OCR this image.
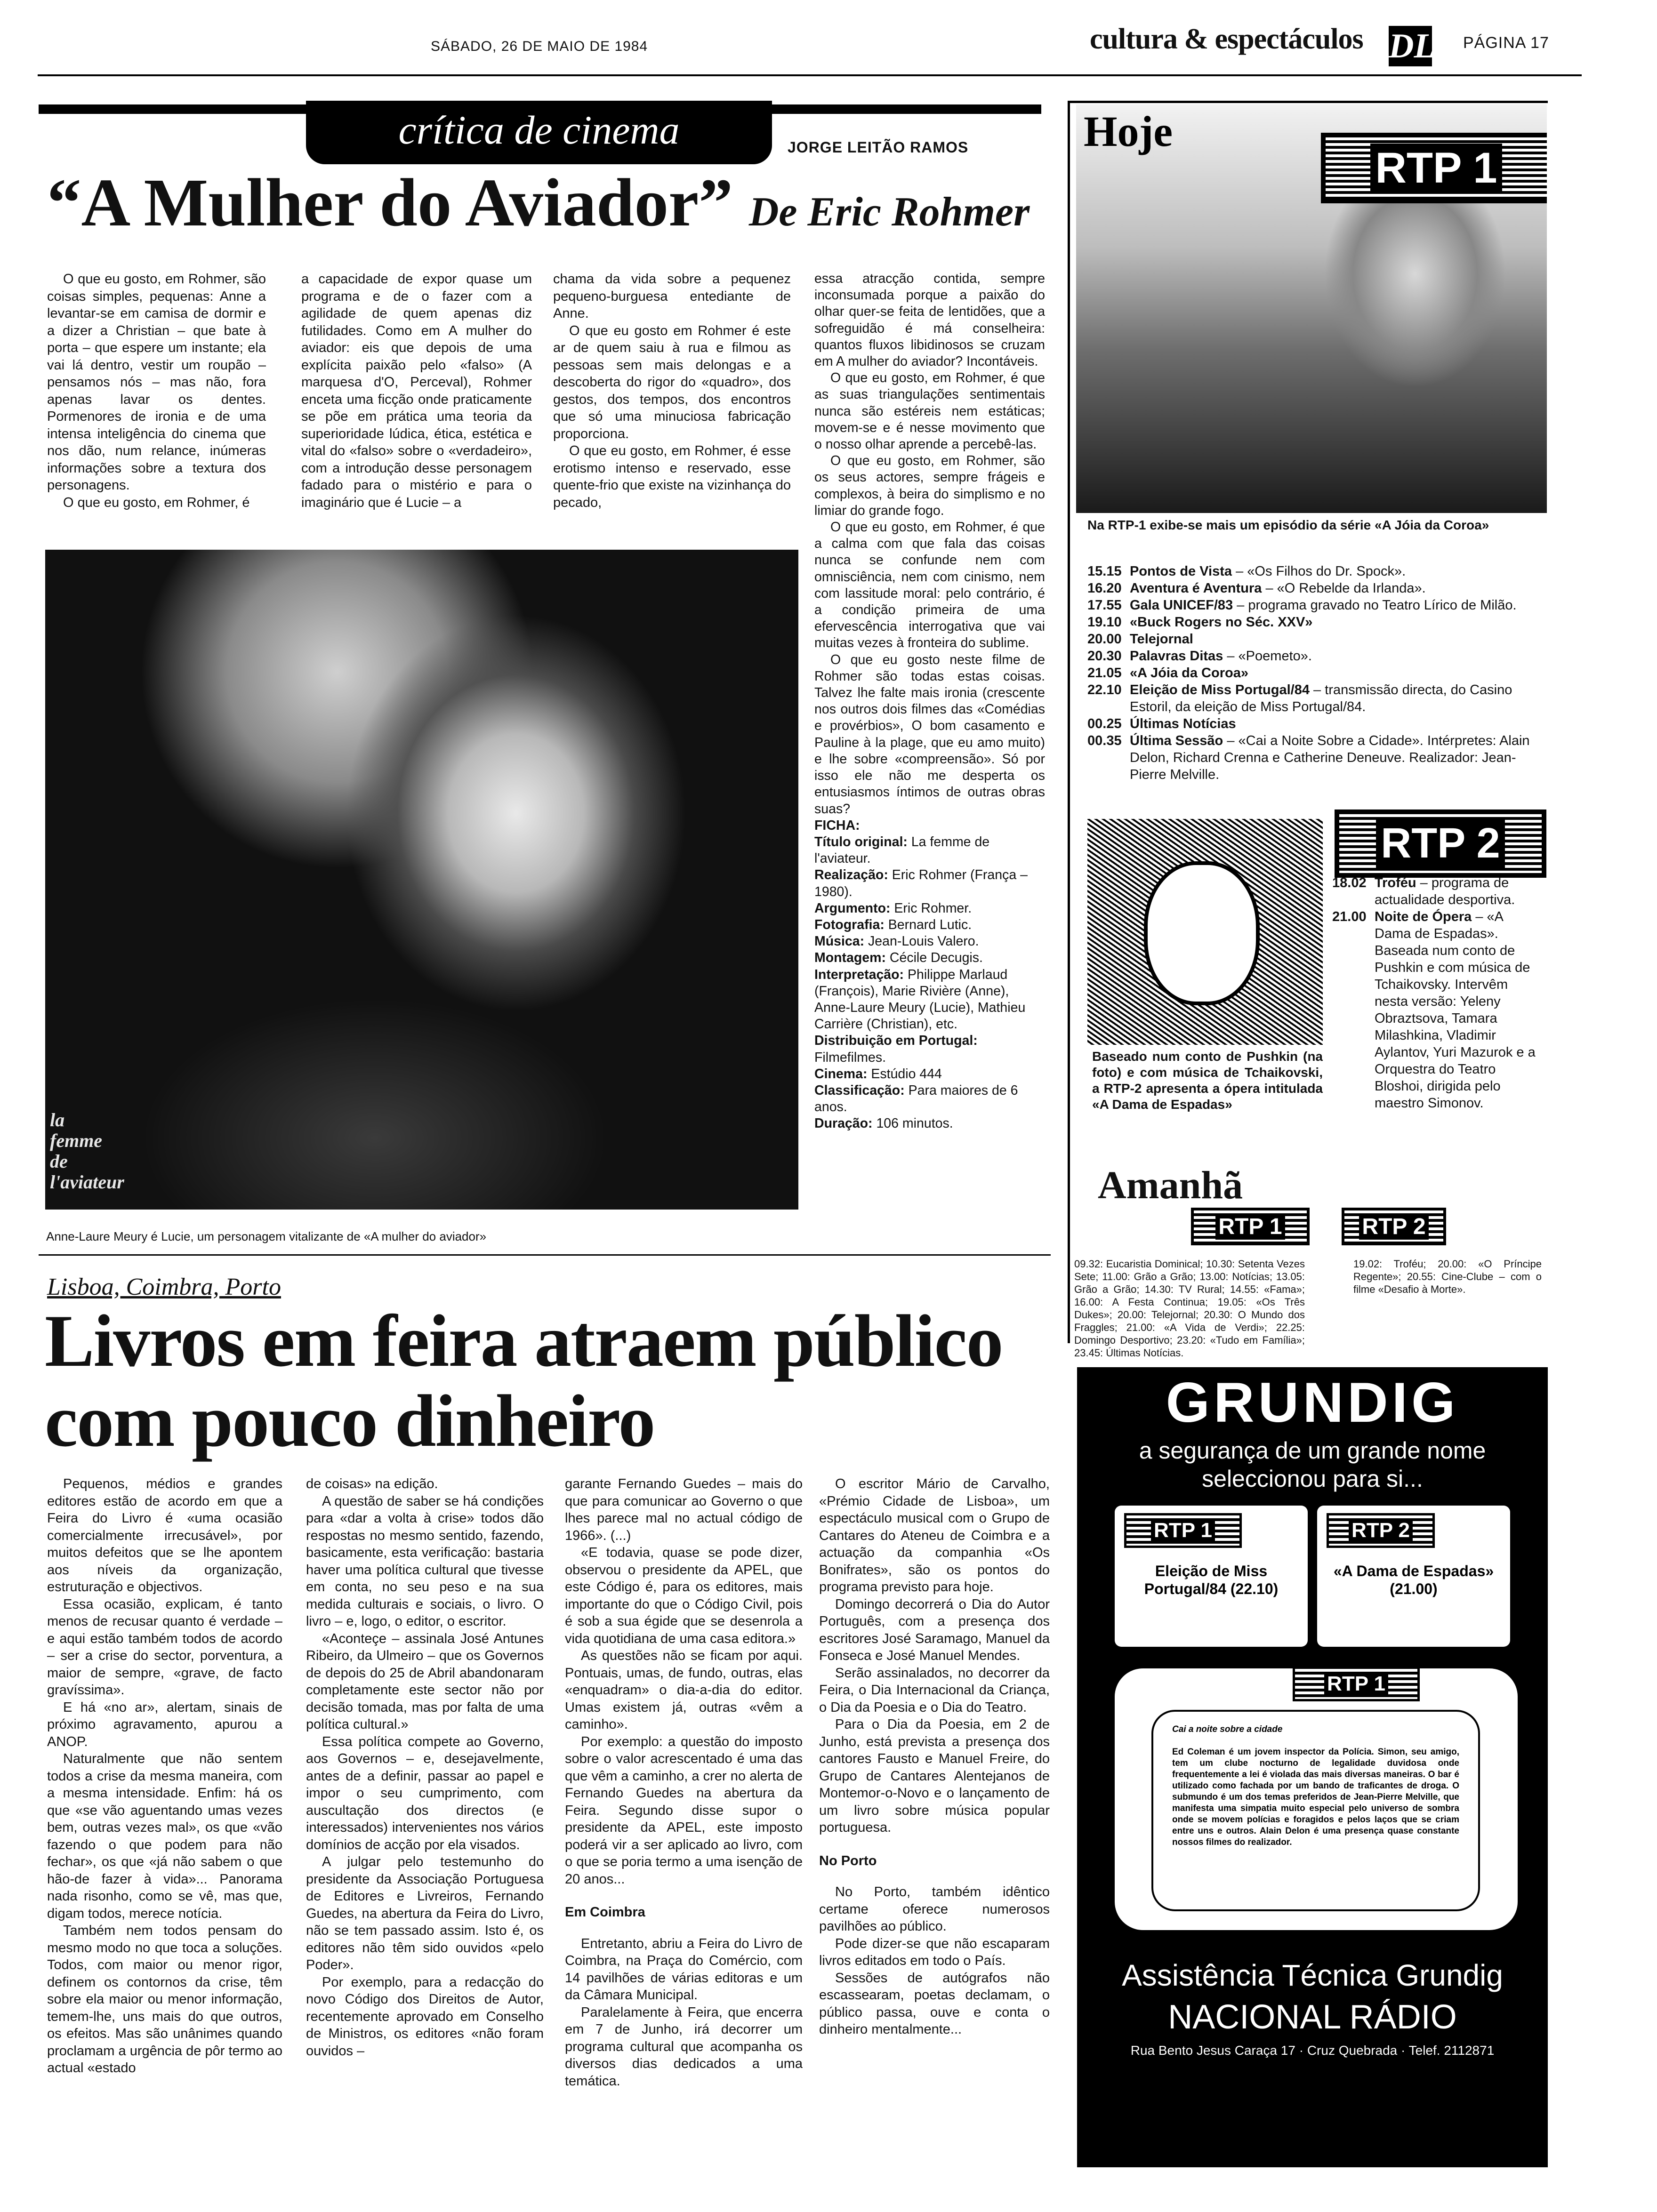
SÁBADO, 26 DE MAIO DE 1984	cultura & espectáculos DL PÁGINA 17
crítica de cinema	JORGE LEITÃO RAMOS
“A Mulher do Aviador” De Eric Rohmer

O que eu gosto, em Rohmer, são coisas simples, pequenas: Anne a levantar-se em camisa de dormir e a dizer a Christian – que bate à porta – que espere um instante; ela vai lá dentro, vestir um roupão – pensamos nós – mas não, fora apenas lavar os dentes. Pormenores de ironia e de uma intensa inteligência do cinema que nos dão, num relance, inúmeras informações sobre a textura dos personagens.

O que eu gosto, em Rohmer, é

a capacidade de expor quase um programa e de o fazer com a agilidade de quem apenas diz futilidades. Como em A mulher do aviador: eis que depois de uma explícita paixão pelo «falso» (A marquesa d'O, Perceval), Rohmer enceta uma ficção onde praticamente se põe em prática uma teoria da superioridade lúdica, ética, estética e vital do «falso» sobre o «verdadeiro», com a introdução desse personagem fadado para o mistério e para o imaginário que é Lucie – a

chama da vida sobre a pequenez pequeno-burguesa entediante de Anne.

O que eu gosto em Rohmer é este ar de quem saiu à rua e filmou as pessoas sem mais delongas e a descoberta do rigor do «quadro», dos gestos, dos tempos, dos encontros que só uma minuciosa fabricação proporciona.

O que eu gosto, em Rohmer, é esse erotismo intenso e reservado, esse quente-frio que existe na vizinhança do pecado,

essa atracção contida, sempre inconsumada porque a paixão do olhar quer-se feita de lentidões, que a sofreguidão é má conselheira: quantos fluxos libidinosos se cruzam em A mulher do aviador? Incontáveis.

O que eu gosto, em Rohmer, é que as suas triangulações sentimentais nunca são estéreis nem estáticas; movem-se e é nesse movimento que o nosso olhar aprende a percebê-las.

O que eu gosto, em Rohmer, são os seus actores, sempre frágeis e complexos, à beira do simplismo e no limiar do grande fogo.

O que eu gosto, em Rohmer, é que a calma com que fala das coisas nunca se confunde nem com omnisciência, nem com cinismo, nem com lassitude moral: pelo contrário, é a condição primeira de uma efervescência interrogativa que vai muitas vezes à fronteira do sublime.

O que eu gosto neste filme de Rohmer são todas estas coisas. Talvez lhe falte mais ironia (crescente nos outros dois filmes das «Comédias e provérbios», O bom casamento e Pauline à la plage, que eu amo muito) e lhe sobre «compreensão». Só por isso ele não me desperta os entusiasmos íntimos de outras obras suas?

FICHA:
Título original: La femme de l'aviateur.
Realização: Eric Rohmer (França – 1980).
Argumento: Eric Rohmer.
Fotografia: Bernard Lutic.
Música: Jean-Louis Valero.
Montagem: Cécile Decugis.
Interpretação: Philippe Marlaud (François), Marie Rivière (Anne), Anne-Laure Meury (Lucie), Mathieu Carrière (Christian), etc.
Distribuição em Portugal: Filmefilmes.
Cinema: Estúdio 444
Classificação: Para maiores de 6 anos.
Duração: 106 minutos.
la
femme
de
l'aviateur
Anne-Laure Meury é Lucie, um personagem vitalizante de «A mulher do aviador»
Lisboa, Coimbra, Porto
Livros em feira atraem público
com pouco dinheiro

Pequenos, médios e grandes editores estão de acordo em que a Feira do Livro é «uma ocasião comercialmente irrecusável», por muitos defeitos que se lhe apontem aos níveis da organização, estruturação e objectivos.

Essa ocasião, explicam, é tanto menos de recusar quanto é verdade – e aqui estão também todos de acordo – ser a crise do sector, porventura, a maior de sempre, «grave, de facto gravíssima».

E há «no ar», alertam, sinais de próximo agravamento, apurou a ANOP.

Naturalmente que não sentem todos a crise da mesma maneira, com a mesma intensidade. Enfim: há os que «se vão aguentando umas vezes bem, outras vezes mal», os que «vão fazendo o que podem para não fechar», os que «já não sabem o que hão-de fazer à vida»... Panorama nada risonho, como se vê, mas que, digam todos, merece notícia.

Também nem todos pensam do mesmo modo no que toca a soluções. Todos, com maior ou menor rigor, definem os contornos da crise, têm sobre ela maior ou menor informação, temem-lhe, uns mais do que outros, os efeitos. Mas são unânimes quando proclamam a urgência de pôr termo ao actual «estado

de coisas» na edição.

A questão de saber se há condições para «dar a volta à crise» todos dão respostas no mesmo sentido, fazendo, basicamente, esta verificação: bastaria haver uma política cultural que tivesse em conta, no seu peso e na sua medida culturais e sociais, o livro. O livro – e, logo, o editor, o escritor.

«Aconteçe – assinala José Antunes Ribeiro, da Ulmeiro – que os Governos de depois do 25 de Abril abandonaram completamente este sector não por decisão tomada, mas por falta de uma política cultural.»

Essa política compete ao Governo, aos Governos – e, desejavelmente, antes de a definir, passar ao papel e impor o seu cumprimento, com auscultação dos directos (e interessados) intervenientes nos vários domínios de acção por ela visados.

A julgar pelo testemunho do presidente da Associação Portuguesa de Editores e Livreiros, Fernando Guedes, na abertura da Feira do Livro, não se tem passado assim. Isto é, os editores não têm sido ouvidos «pelo Poder».

Por exemplo, para a redacção do novo Código dos Direitos de Autor, recentemente aprovado em Conselho de Ministros, os editores «não foram ouvidos –

garante Fernando Guedes – mais do que para comunicar ao Governo o que lhes parece mal no actual código de 1966». (...)

«E todavia, quase se pode dizer, observou o presidente da APEL, que este Código é, para os editores, mais importante do que o Código Civil, pois é sob a sua égide que se desenrola a vida quotidiana de uma casa editora.»

As questões não se ficam por aqui. Pontuais, umas, de fundo, outras, elas «enquadram» o dia-a-dia do editor. Umas existem já, outras «vêm a caminho».

Por exemplo: a questão do imposto sobre o valor acrescentado é uma das que vêm a caminho, a crer no alerta de Fernando Guedes na abertura da Feira. Segundo disse supor o presidente da APEL, este imposto poderá vir a ser aplicado ao livro, com o que se poria termo a uma isenção de 20 anos...

Em Coimbra

Entretanto, abriu a Feira do Livro de Coimbra, na Praça do Comércio, com 14 pavilhões de várias editoras e um da Câmara Municipal.

Paralelamente à Feira, que encerra em 7 de Junho, irá decorrer um programa cultural que acompanha os diversos dias dedicados a uma temática.

O escritor Mário de Carvalho, «Prémio Cidade de Lisboa», um espectáculo musical com o Grupo de Cantares do Ateneu de Coimbra e a actuação da companhia «Os Bonifrates», são os pontos do programa previsto para hoje.

Domingo decorrerá o Dia do Autor Português, com a presença dos escritores José Saramago, Manuel da Fonseca e José Manuel Mendes.

Serão assinalados, no decorrer da Feira, o Dia Internacional da Criança, o Dia da Poesia e o Dia do Teatro.

Para o Dia da Poesia, em 2 de Junho, está prevista a presença dos cantores Fausto e Manuel Freire, do Grupo de Cantares Alentejanos de Montemor-o-Novo e o lançamento de um livro sobre música popular portuguesa.

No Porto

No Porto, também idêntico certame oferece numerosos pavilhões ao público.

Pode dizer-se que não escaparam livros editados em todo o País.

Sessões de autógrafos não escassearam, poetas declamam, o público passa, ouve e conta o dinheiro mentalmente...

Hoje
RTP 1
Na RTP-1 exibe-se mais um episódio da série «A Jóia da Coroa»
15.15 Pontos de Vista – «Os Filhos do Dr. Spock».
16.20 Aventura é Aventura – «O Rebelde da Irlanda».
17.55 Gala UNICEF/83 – programa gravado no Teatro Lírico de Milão.
19.10 «Buck Rogers no Séc. XXV»
20.00 Telejornal
20.30 Palavras Ditas – «Poemeto».
21.05 «A Jóia da Coroa»
22.10 Eleição de Miss Portugal/84 – transmissão directa, do Casino Estoril, da eleição de Miss Portugal/84.
00.25 Últimas Notícias
00.35 Última Sessão – «Cai a Noite Sobre a Cidade». Intérpretes: Alain Delon, Richard Crenna e Catherine Deneuve. Realizador: Jean-Pierre Melville.
RTP 2
Baseado num conto de Pushkin (na foto) e com música de Tchaikovski, a RTP-2 apresenta a ópera intitulada «A Dama de Espadas»
18.02 Troféu – programa de actualidade desportiva.
21.00 Noite de Ópera – «A Dama de Espadas». Baseada num conto de Pushkin e com música de Tchaikovsky. Intervêm nesta versão: Yeleny Obraztsova, Tamara Milashkina, Vladimir Aylantov, Yuri Mazurok e a Orquestra do Teatro Bloshoi, dirigida pelo maestro Simonov.
Amanhã
RTP 1	RTP 2
09.32: Eucaristia Dominical; 10.30: Setenta Vezes Sete; 11.00: Grão a Grão; 13.00: Notícias; 13.05: Grão a Grão; 14.30: TV Rural; 14.55: «Fama»; 16.00: A Festa Continua; 19.05: «Os Três Dukes»; 20.00: Telejornal; 20.30: O Mundo dos Fraggles; 21.00: «A Vida de Verdi»; 22.25: Domingo Desportivo; 23.20: «Tudo em Família»; 23.45: Últimas Notícias.
19.02: Troféu; 20.00: «O Príncipe Regente»; 20.55: Cine-Clube – com o filme «Desafio à Morte».
GRUNDIG
a segurança de um grande nome
seleccionou para si...
RTP 1
Eleição de Miss Portugal/84 (22.10)
RTP 2
«A Dama de Espadas» (21.00)
RTP 1
Cai a noite sobre a cidade
Ed Coleman é um jovem inspector da Polícia. Simon, seu amigo, tem um clube nocturno de legalidade duvidosa onde frequentemente a lei é violada das mais diversas maneiras. O bar é utilizado como fachada por um bando de traficantes de droga. O submundo é um dos temas preferidos de Jean-Pierre Melville, que manifesta uma simpatia muito especial pelo universo de sombra onde se movem polícias e foragidos e pelos laços que se criam entre uns e outros. Alain Delon é uma presença quase constante nossos filmes do realizador.
Assistência Técnica Grundig
NACIONAL RÁDIO
Rua Bento Jesus Caraça 17 · Cruz Quebrada · Telef. 2112871
